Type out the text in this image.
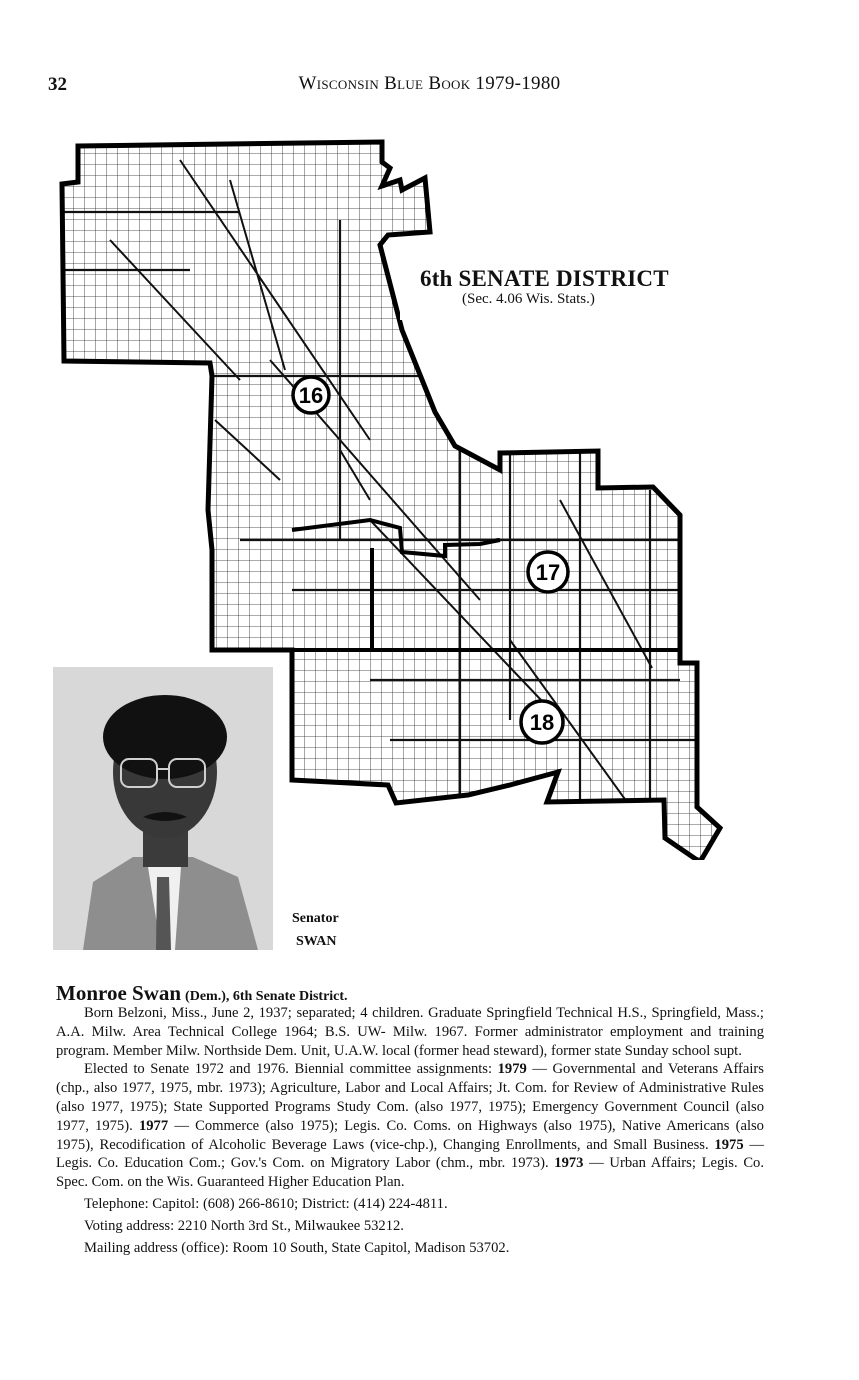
32	Wisconsin Blue Book 1979-1980
16
17
18
6th SENATE DISTRICT
(Sec. 4.06 Wis. Stats.)
Senator
SWAN
Monroe Swan (Dem.), 6th Senate District.

Born Belzoni, Miss., June 2, 1937; separated; 4 children. Graduate Springfield Technical H.S., Springfield, Mass.; A.A. Milw. Area Technical College 1964; B.S. UW- Milw. 1967. Former administrator employment and training program. Member Milw. Northside Dem. Unit, U.A.W. local (former head steward), former state Sunday school supt.

Elected to Senate 1972 and 1976. Biennial committee assignments: 1979 — Governmental and Veterans Affairs (chp., also 1977, 1975, mbr. 1973); Agriculture, Labor and Local Affairs; Jt. Com. for Review of Administrative Rules (also 1977, 1975); State Supported Programs Study Com. (also 1977, 1975); Emergency Government Council (also 1977, 1975). 1977 — Commerce (also 1975); Legis. Co. Coms. on Highways (also 1975), Native Americans (also 1975), Recodification of Alcoholic Beverage Laws (vice-chp.), Changing Enrollments, and Small Business. 1975 — Legis. Co. Education Com.; Gov.'s Com. on Migratory Labor (chm., mbr. 1973). 1973 — Urban Affairs; Legis. Co. Spec. Com. on the Wis. Guaranteed Higher Education Plan.

Telephone: Capitol: (608) 266-8610; District: (414) 224-4811.

Voting address: 2210 North 3rd St., Milwaukee 53212.

Mailing address (office): Room 10 South, State Capitol, Madison 53702.
